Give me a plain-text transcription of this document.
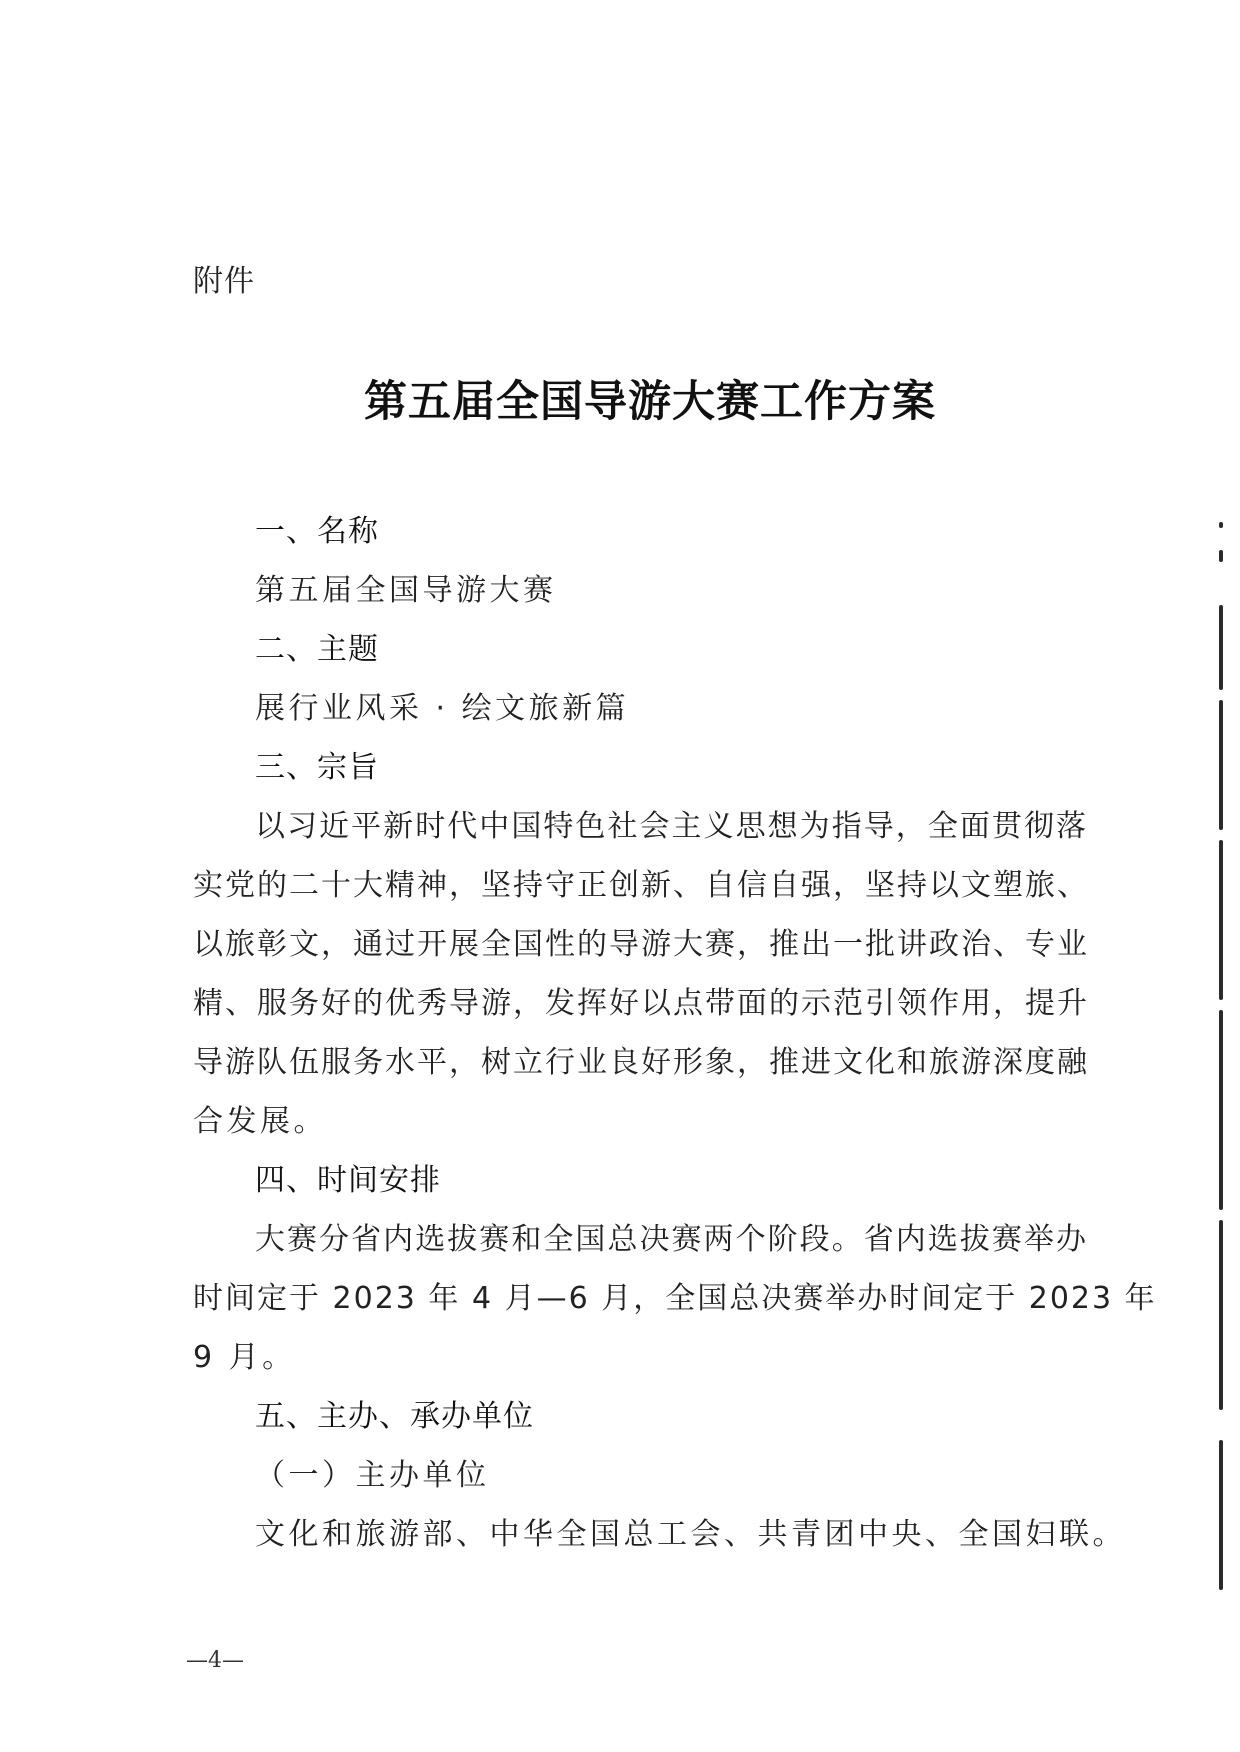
附件
第五届全国导游大赛工作方案
一、名称
第五届全国导游大赛
二、主题
展行业风采 · 绘文旅新篇
三、宗旨
以习近平新时代中国特色社会主义思想为指导，全面贯彻落
实党的二十大精神，坚持守正创新、自信自强，坚持以文塑旅、
以旅彰文，通过开展全国性的导游大赛，推出一批讲政治、专业
精、服务好的优秀导游，发挥好以点带面的示范引领作用，提升
导游队伍服务水平，树立行业良好形象，推进文化和旅游深度融
合发展。
四、时间安排
大赛分省内选拔赛和全国总决赛两个阶段。省内选拔赛举办
时间定于 2023 年 4 月—6 月，全国总决赛举办时间定于 2023 年
9 月。
五、主办、承办单位
（一）主办单位
文化和旅游部、中华全国总工会、共青团中央、全国妇联。
—4—
